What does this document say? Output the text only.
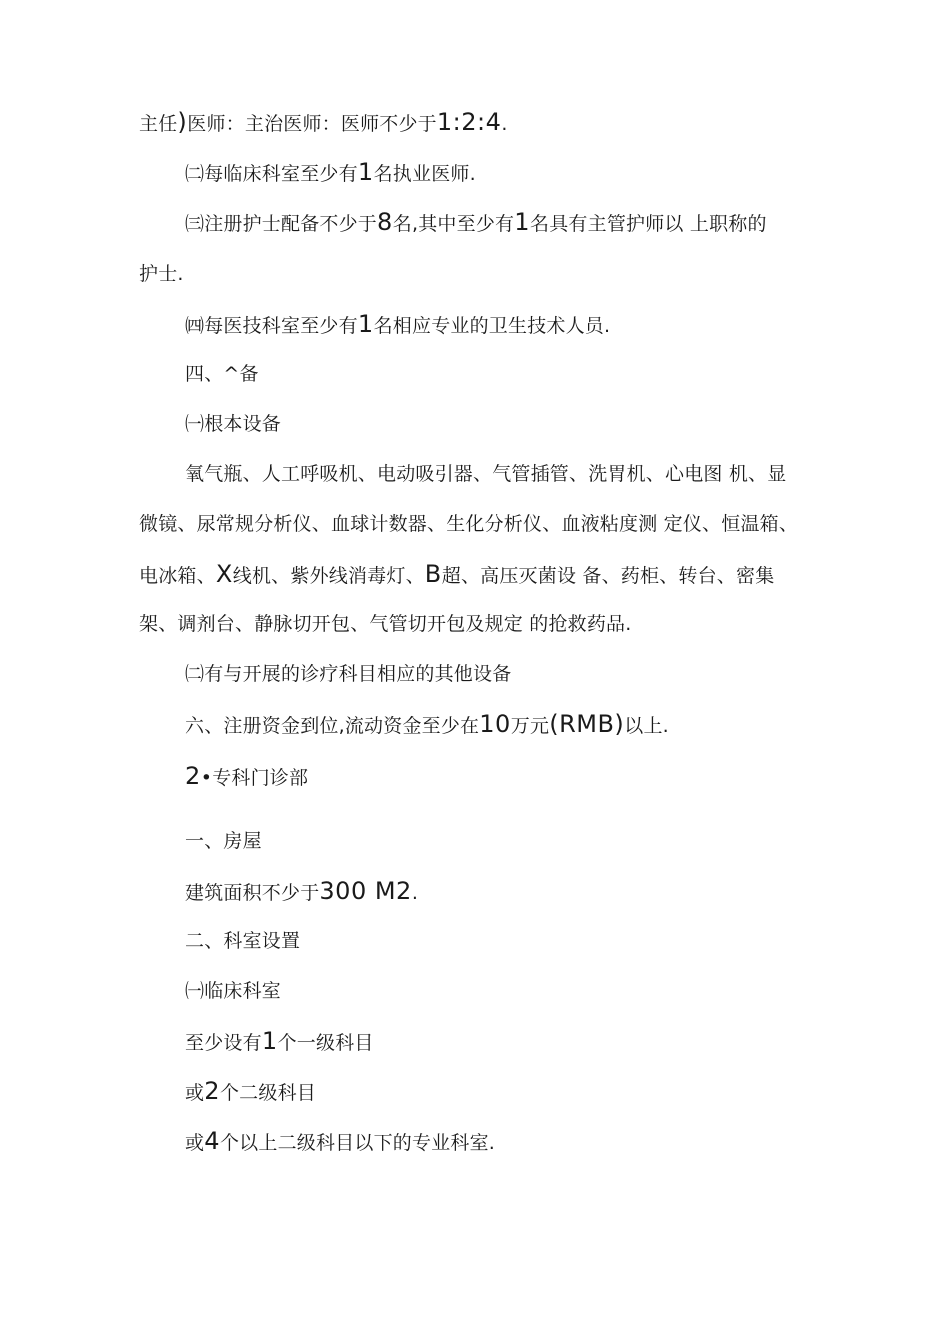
主任)医师：主治医师：医师不少于1:2:4.
㈡每临床科室至少有1名执业医师.
㈢注册护士配备不少于8名,其中至少有1名具有主管护师以 上职称的
护士.
㈣每医技科室至少有1名相应专业的卫生技术人员.
四、^备
㈠根本设备
氧气瓶、人工呼吸机、电动吸引器、气管插管、洗胃机、心电图 机、显
微镜、尿常规分析仪、血球计数器、生化分析仪、血液粘度测 定仪、恒温箱、
电冰箱、X线机、紫外线消毒灯、B超、高压灭菌设 备、药柜、转台、密集
架、调剂台、静脉切开包、气管切开包及规定 的抢救药品.
㈡有与开展的诊疗科目相应的其他设备
六、注册资金到位,流动资金至少在10万元(RMB)以上.
2•专科门诊部
一、房屋
建筑面积不少于300 M2.
二、科室设置
㈠临床科室
至少设有1个一级科目
或2个二级科目
或4个以上二级科目以下的专业科室.
